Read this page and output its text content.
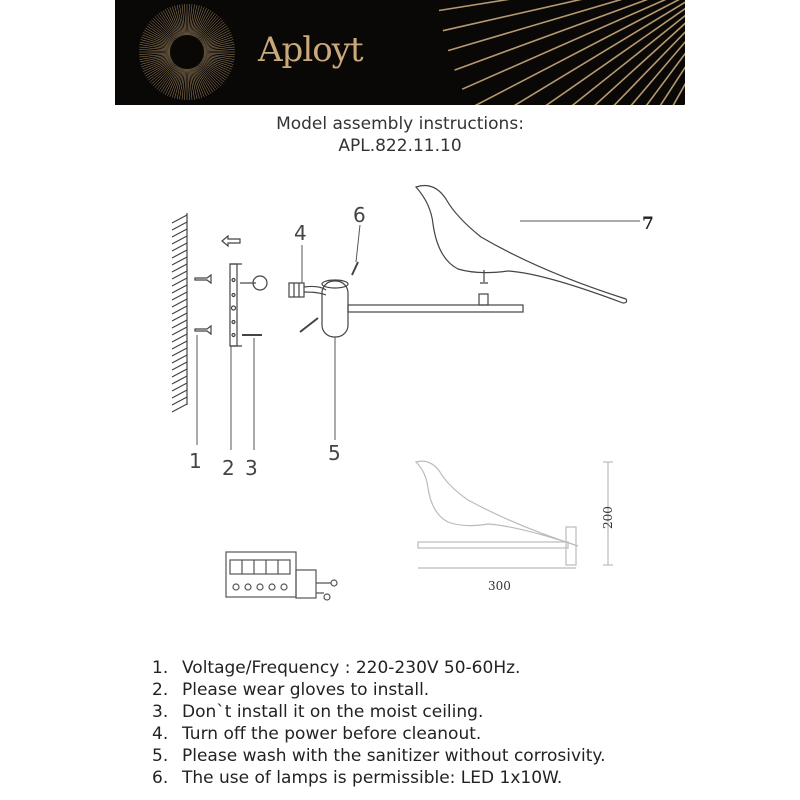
Aployt
Model assembly instructions:
APL.822.11.10
1 2 3
4
5
6	7
200
300
1. Voltage/Frequency : 220-230V 50-60Hz.
2. Please wear gloves to install.
3. Don`t install it on the moist ceiling.
4. Turn off the power before cleanout.
5. Please wash with the sanitizer without corrosivity.
6. The use of lamps is permissible: LED 1x10W.
